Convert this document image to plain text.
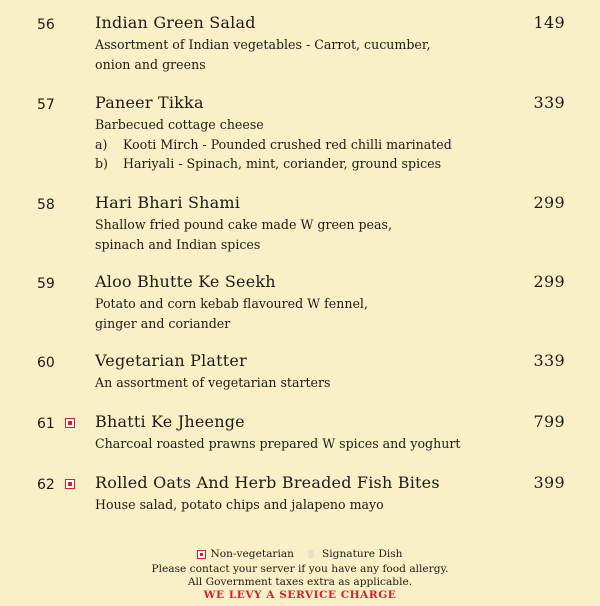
56	Indian Green Salad	149
Assortment of Indian vegetables - Carrot, cucumber,
onion and greens
57	Paneer Tikka	339
Barbecued cottage cheese
a) Kooti Mirch - Pounded crushed red chilli marinated
b) Hariyali - Spinach, mint, coriander, ground spices
58	Hari Bhari Shami	299
Shallow fried pound cake made W green peas,
spinach and Indian spices
59	Aloo Bhutte Ke Seekh	299
Potato and corn kebab flavoured W fennel,
ginger and coriander
60	Vegetarian Platter	339
An assortment of vegetarian starters
61	Bhatti Ke Jheenge	799
Charcoal roasted prawns prepared W spices and yoghurt
62	Rolled Oats And Herb Breaded Fish Bites	399
House salad, potato chips and jalapeno mayo
Non-vegetarian	Signature Dish
Please contact your server if you have any food allergy.
All Government taxes extra as applicable.
WE LEVY A SERVICE CHARGE
